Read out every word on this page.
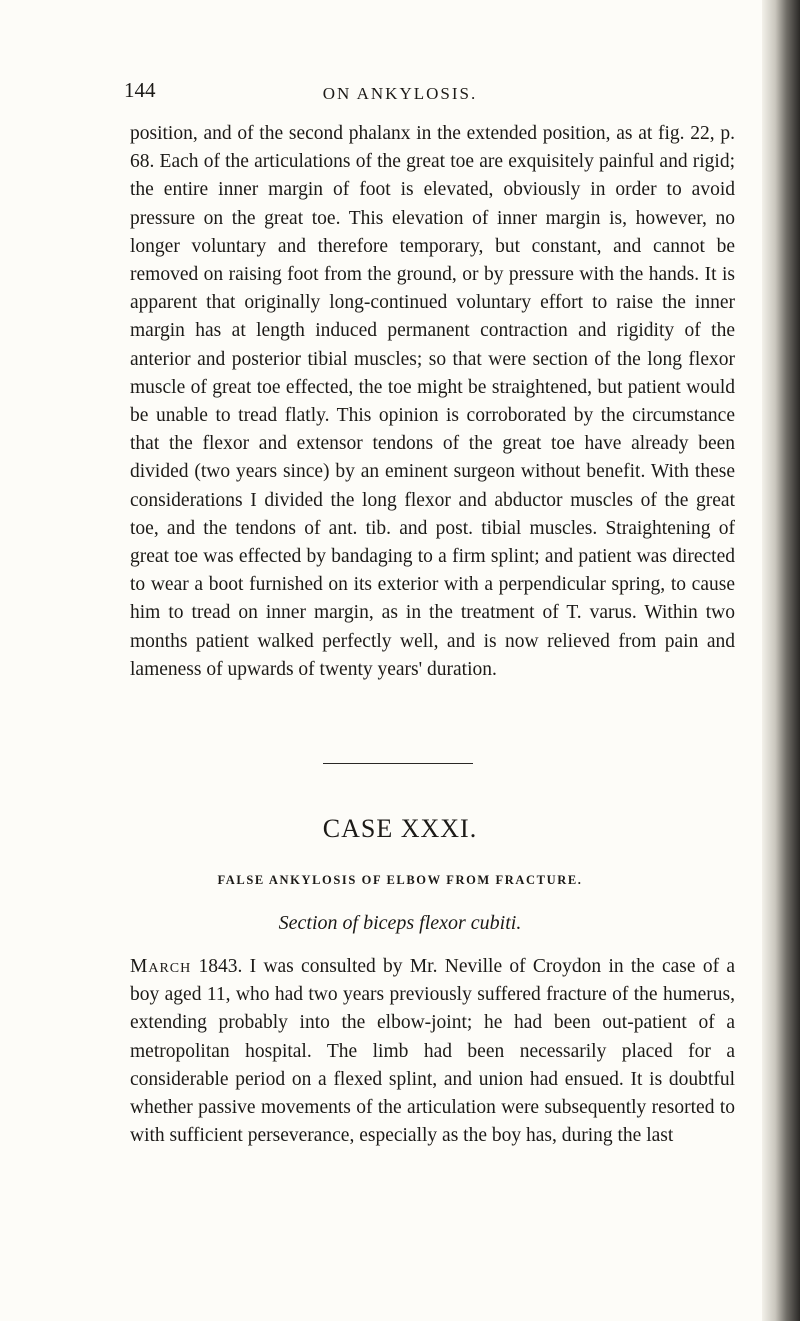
144	ON ANKYLOSIS.

position, and of the second phalanx in the extended position, as at fig. 22, p. 68. Each of the articulations of the great toe are exquisitely painful and rigid; the entire inner margin of foot is elevated, obviously in order to avoid pressure on the great toe. This elevation of inner margin is, however, no longer voluntary and therefore temporary, but constant, and cannot be removed on raising foot from the ground, or by pressure with the hands. It is apparent that originally long-continued voluntary effort to raise the inner margin has at length induced permanent contraction and rigidity of the anterior and posterior tibial muscles; so that were section of the long flexor muscle of great toe effected, the toe might be straightened, but patient would be unable to tread flatly. This opinion is corroborated by the circumstance that the flexor and extensor tendons of the great toe have already been divided (two years since) by an eminent surgeon without benefit. With these considerations I divided the long flexor and abductor muscles of the great toe, and the tendons of ant. tib. and post. tibial muscles. Straightening of great toe was effected by bandaging to a firm splint; and patient was directed to wear a boot furnished on its exterior with a perpendicular spring, to cause him to tread on inner margin, as in the treatment of T. varus. Within two months patient walked perfectly well, and is now relieved from pain and lameness of upwards of twenty years' duration.

CASE XXXI.
FALSE ANKYLOSIS OF ELBOW FROM FRACTURE.
Section of biceps flexor cubiti.

March 1843. I was consulted by Mr. Neville of Croydon in the case of a boy aged 11, who had two years previously suffered fracture of the humerus, extending probably into the elbow-joint; he had been out-patient of a metropolitan hospital. The limb had been necessarily placed for a considerable period on a flexed splint, and union had ensued. It is doubtful whether passive movements of the articulation were subsequently resorted to with sufficient perseverance, especially as the boy has, during the last
